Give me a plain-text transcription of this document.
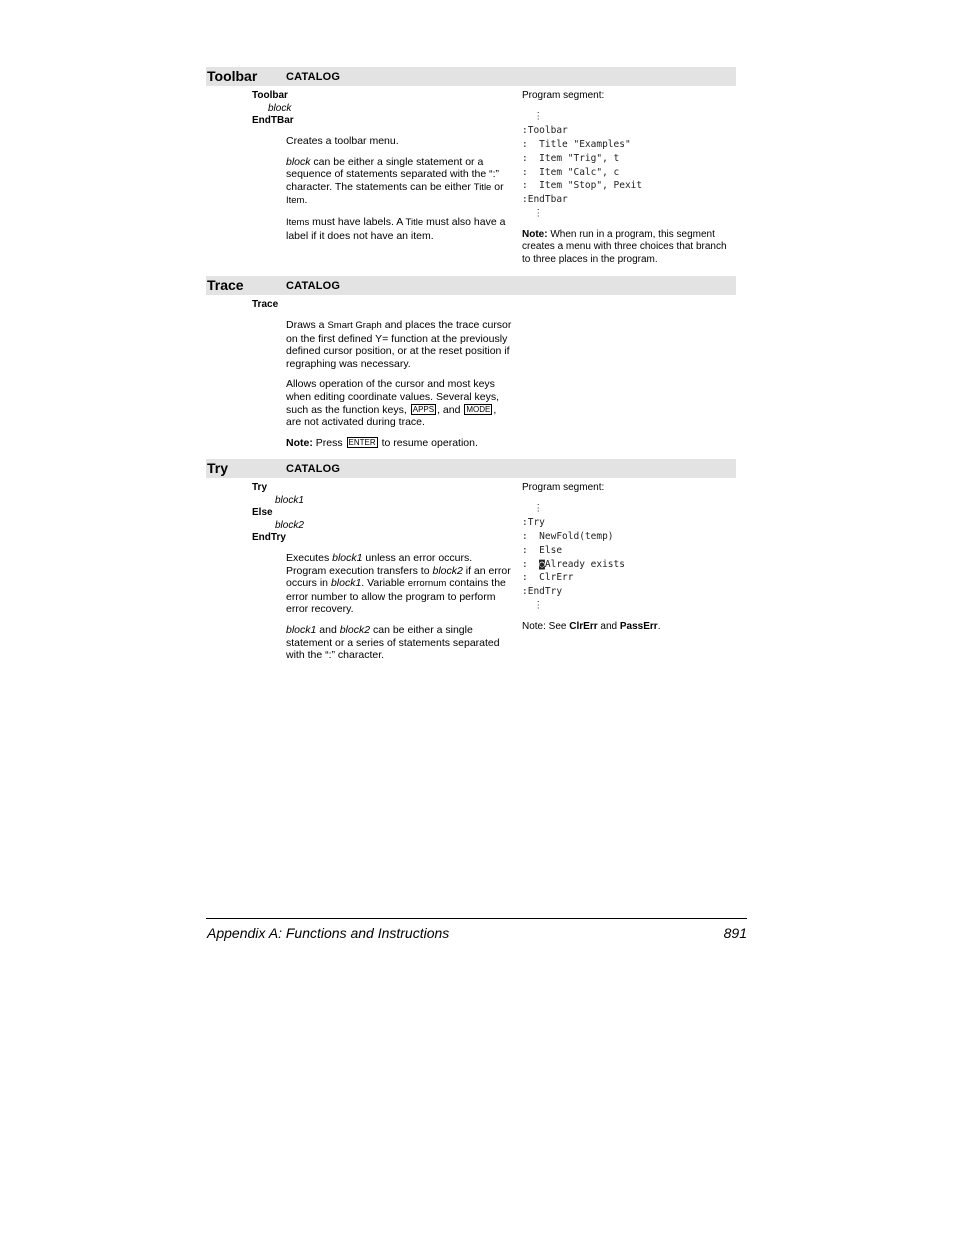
Toolbar	CATALOG
Toolbar
block
EndTBar

Creates a toolbar menu.

block can be either a single statement or a sequence of statements separated with the “:” character. The statements can be either Title or Item.

Items must have labels. A Title must also have a label if it does not have an item.

Program segment:
⋮
:Toolbar
:  Title "Examples"
:  Item "Trig", t
:  Item "Calc", c
:  Item "Stop", Pexit
:EndTbar
⋮
Note: When run in a program, this segment creates a menu with three choices that branch to three places in the program.
Trace	CATALOG
Trace

Draws a Smart Graph and places the trace cursor on the first defined Y= function at the previously defined cursor position, or at the reset position if regraphing was necessary.

Allows operation of the cursor and most keys when editing coordinate values. Several keys, such as the function keys, APPS , and MODE , are not activated during trace.

Note: Press ENTER to resume operation.

Try	CATALOG
Try
block1
Else
block2
EndTry

Executes block1 unless an error occurs. Program execution transfers to block2 if an error occurs in block1. Variable errornum contains the error number to allow the program to perform error recovery.

block1 and block2 can be either a single statement or a series of statements separated with the “:” character.

Program segment:
⋮
:Try
:  NewFold(temp)
:  Else
:  ◙Already exists
:  ClrErr
:EndTry
⋮
Note: See ClrErr and PassErr.
Appendix A: Functions and Instructions	891
